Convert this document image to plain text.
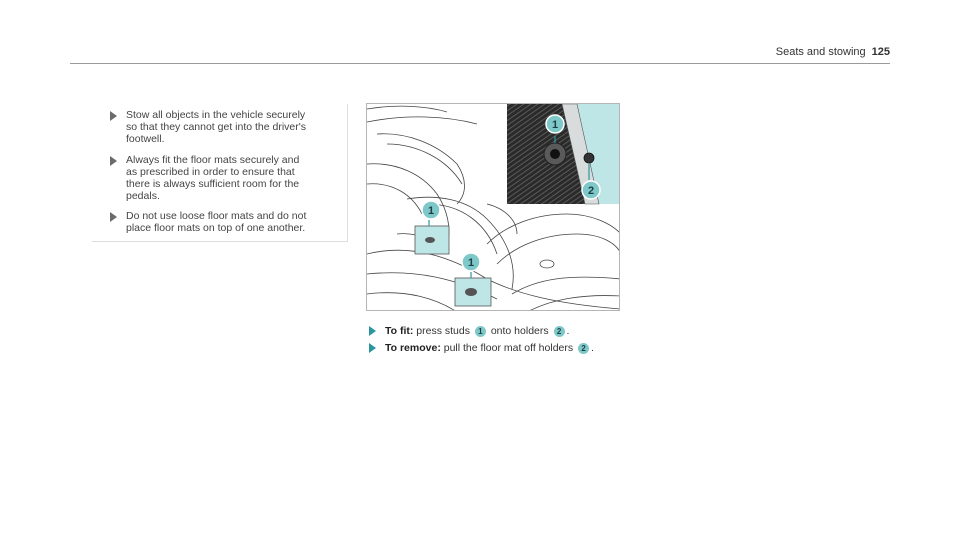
Seats and stowing 125
Stow all objects in the vehicle securely
so that they cannot get into the driver's
footwell.
Always fit the floor mats securely and
as prescribed in order to ensure that
there is always sufficient room for the
pedals.
Do not use loose floor mats and do not
place floor mats on top of one another.
1
2
1
1
To fit: press studs 1 onto holders 2 .
To remove: pull the floor mat off holders 2 .
